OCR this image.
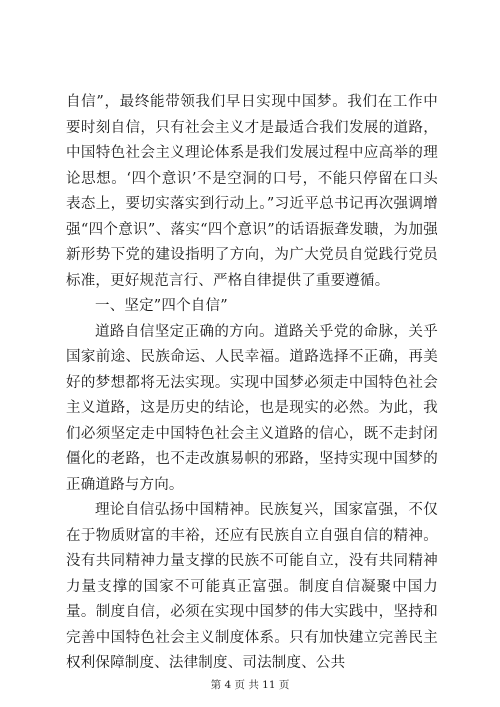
自信”，最终能带领我们早日实现中国梦。我们在工作中要时刻自信，只有社会主义才是最适合我们发展的道路，中国特色社会主义理论体系是我们发展过程中应高举的理论思想。‘四个意识’不是空洞的口号，不能只停留在口头表态上，要切实落实到行动上。”习近平总书记再次强调增强“四个意识”、落实“四个意识”的话语振聋发聩，为加强新形势下党的建设指明了方向，为广大党员自觉践行党员标准，更好规范言行、严格自律提供了重要遵循。

一、坚定”四个自信”

道路自信坚定正确的方向。道路关乎党的命脉，关乎国家前途、民族命运、人民幸福。道路选择不正确，再美好的梦想都将无法实现。实现中国梦必须走中国特色社会主义道路，这是历史的结论，也是现实的必然。为此，我们必须坚定走中国特色社会主义道路的信心，既不走封闭僵化的老路，也不走改旗易帜的邪路，坚持实现中国梦的正确道路与方向。

理论自信弘扬中国精神。民族复兴，国家富强，不仅在于物质财富的丰裕，还应有民族自立自强自信的精神。没有共同精神力量支撑的民族不可能自立，没有共同精神力量支撑的国家不可能真正富强。制度自信凝聚中国力量。制度自信，必须在实现中国梦的伟大实践中，坚持和完善中国特色社会主义制度体系。只有加快建立完善民主权利保障制度、法律制度、司法制度、公共

第 4 页 共 11 页
